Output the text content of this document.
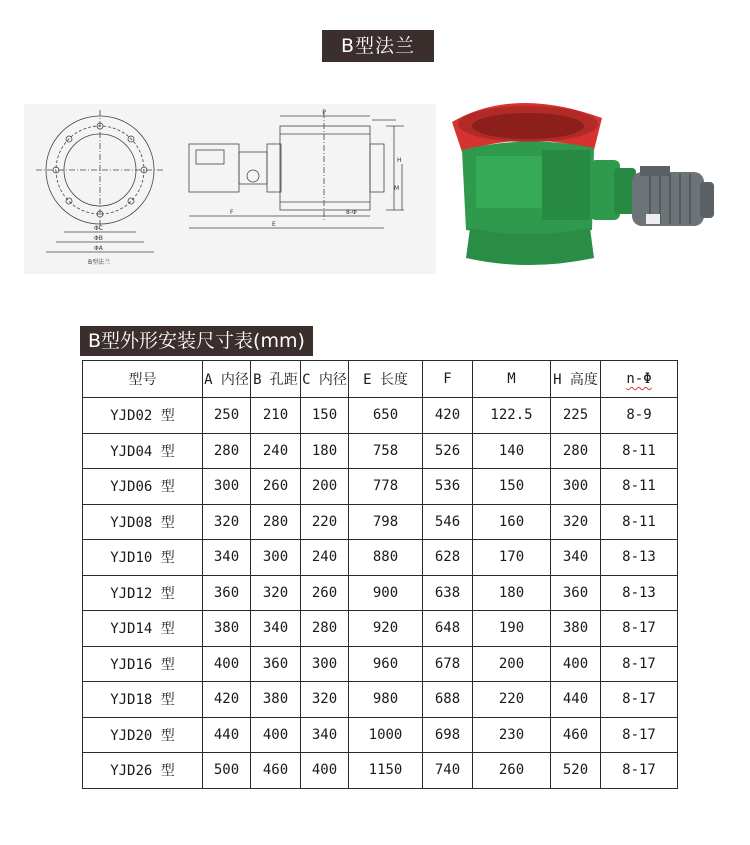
B型法兰
P
H
M
F
E
8-Φ
ΦC
ΦB
ΦA
B型法兰
B型外形安装尺寸表(mm)
型号	A 内径	B 孔距	C 内径	E 长度	F	M	H 高度	n-Φ
YJD02 型	250	210	150	650	420	122.5	225	8-9
YJD04 型	280	240	180	758	526	140	280	8-11
YJD06 型	300	260	200	778	536	150	300	8-11
YJD08 型	320	280	220	798	546	160	320	8-11
YJD10 型	340	300	240	880	628	170	340	8-13
YJD12 型	360	320	260	900	638	180	360	8-13
YJD14 型	380	340	280	920	648	190	380	8-17
YJD16 型	400	360	300	960	678	200	400	8-17
YJD18 型	420	380	320	980	688	220	440	8-17
YJD20 型	440	400	340	1000	698	230	460	8-17
YJD26 型	500	460	400	1150	740	260	520	8-17
